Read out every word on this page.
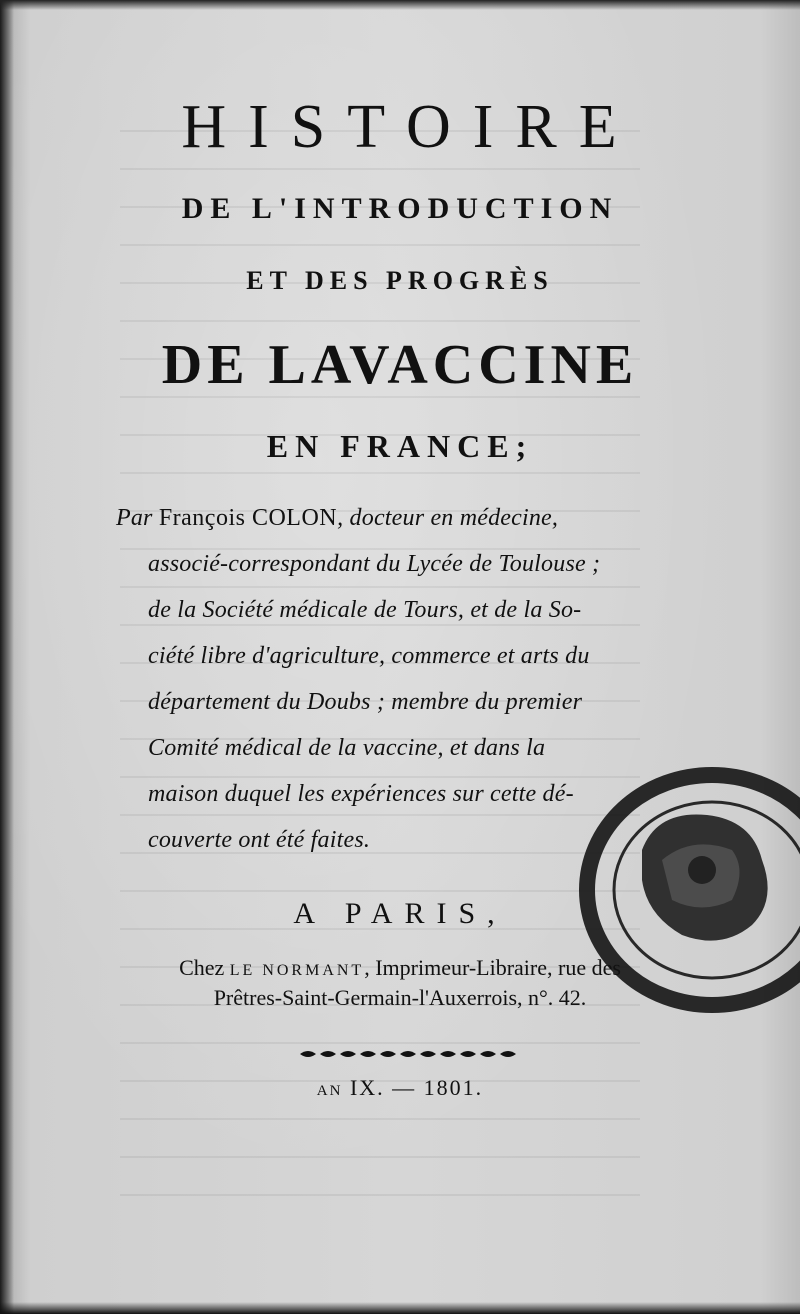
HISTOIRE
DE L'INTRODUCTION
ET DES PROGRÈS
DE LAVACCINE
EN FRANCE;
Par François COLON, docteur en médecine,
associé-correspondant du Lycée de Toulouse ;
de la Société médicale de Tours, et de la So-
ciété libre d'agriculture, commerce et arts du
département du Doubs ; membre du premier
Comité médical de la vaccine, et dans la
maison duquel les expériences sur cette dé-
couverte ont été faites.
A PARIS,
Chez LE NORMANT, Imprimeur-Libraire, rue des
Prêtres-Saint-Germain-l'Auxerrois, n°. 42.
AN IX. — 1801.
